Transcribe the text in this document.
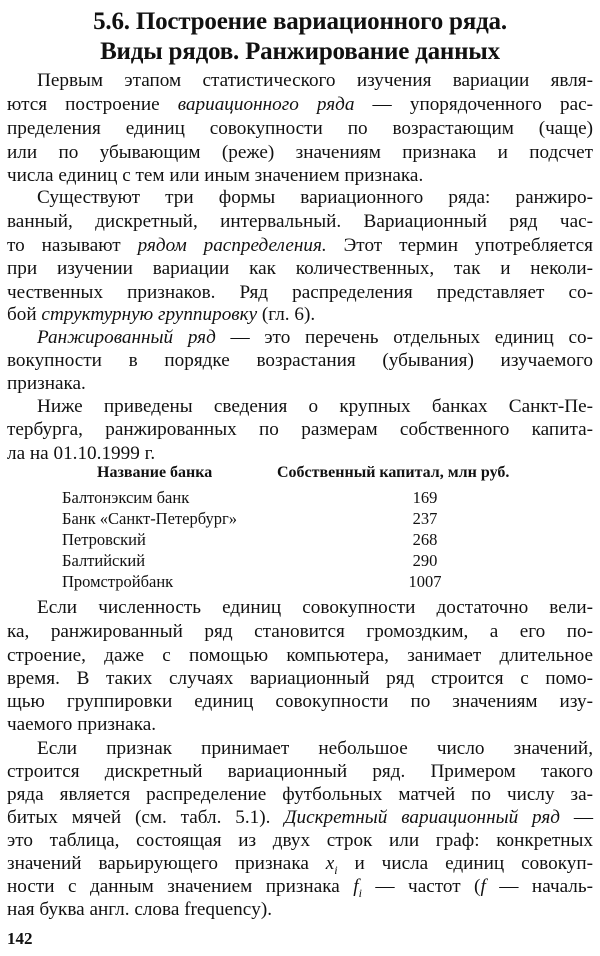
5.6. Построение вариационного ряда.
Виды рядов. Ранжирование данных
Первым этапом статистического изучения вариации явля-
ются построение вариационного ряда — упорядоченного рас-
пределения единиц совокупности по возрастающим (чаще)
или по убывающим (реже) значениям признака и подсчет
числа единиц с тем или иным значением признака.
Существуют три формы вариационного ряда: ранжиро-
ванный, дискретный, интервальный. Вариационный ряд час-
то называют рядом распределения. Этот термин употребляется
при изучении вариации как количественных, так и неколи-
чественных признаков. Ряд распределения представляет со-
бой структурную группировку (гл. 6).
Ранжированный ряд — это перечень отдельных единиц со-
вокупности в порядке возрастания (убывания) изучаемого
признака.
Ниже приведены сведения о крупных банках Санкт-Пе-
тербурга, ранжированных по размерам собственного капита-
ла на 01.10.1999 г.
Название банка	Собственный капитал, млн руб.
Балтонэксим банк	169
Банк «Санкт-Петербург»	237
Петровский	268
Балтийский	290
Промстройбанк	1007
Если численность единиц совокупности достаточно вели-
ка, ранжированный ряд становится громоздким, а его по-
строение, даже с помощью компьютера, занимает длительное
время. В таких случаях вариационный ряд строится с помо-
щью группировки единиц совокупности по значениям изу-
чаемого признака.
Если признак принимает небольшое число значений,
строится дискретный вариационный ряд. Примером такого
ряда является распределение футбольных матчей по числу за-
битых мячей (см. табл. 5.1). Дискретный вариационный ряд —
это таблица, состоящая из двух строк или граф: конкретных
значений варьирующего признака $x_i$ и числа единиц совокуп-
ности с данным значением признака $f_i$ — частот (f — началь-
ная буква англ. слова frequency).
142
